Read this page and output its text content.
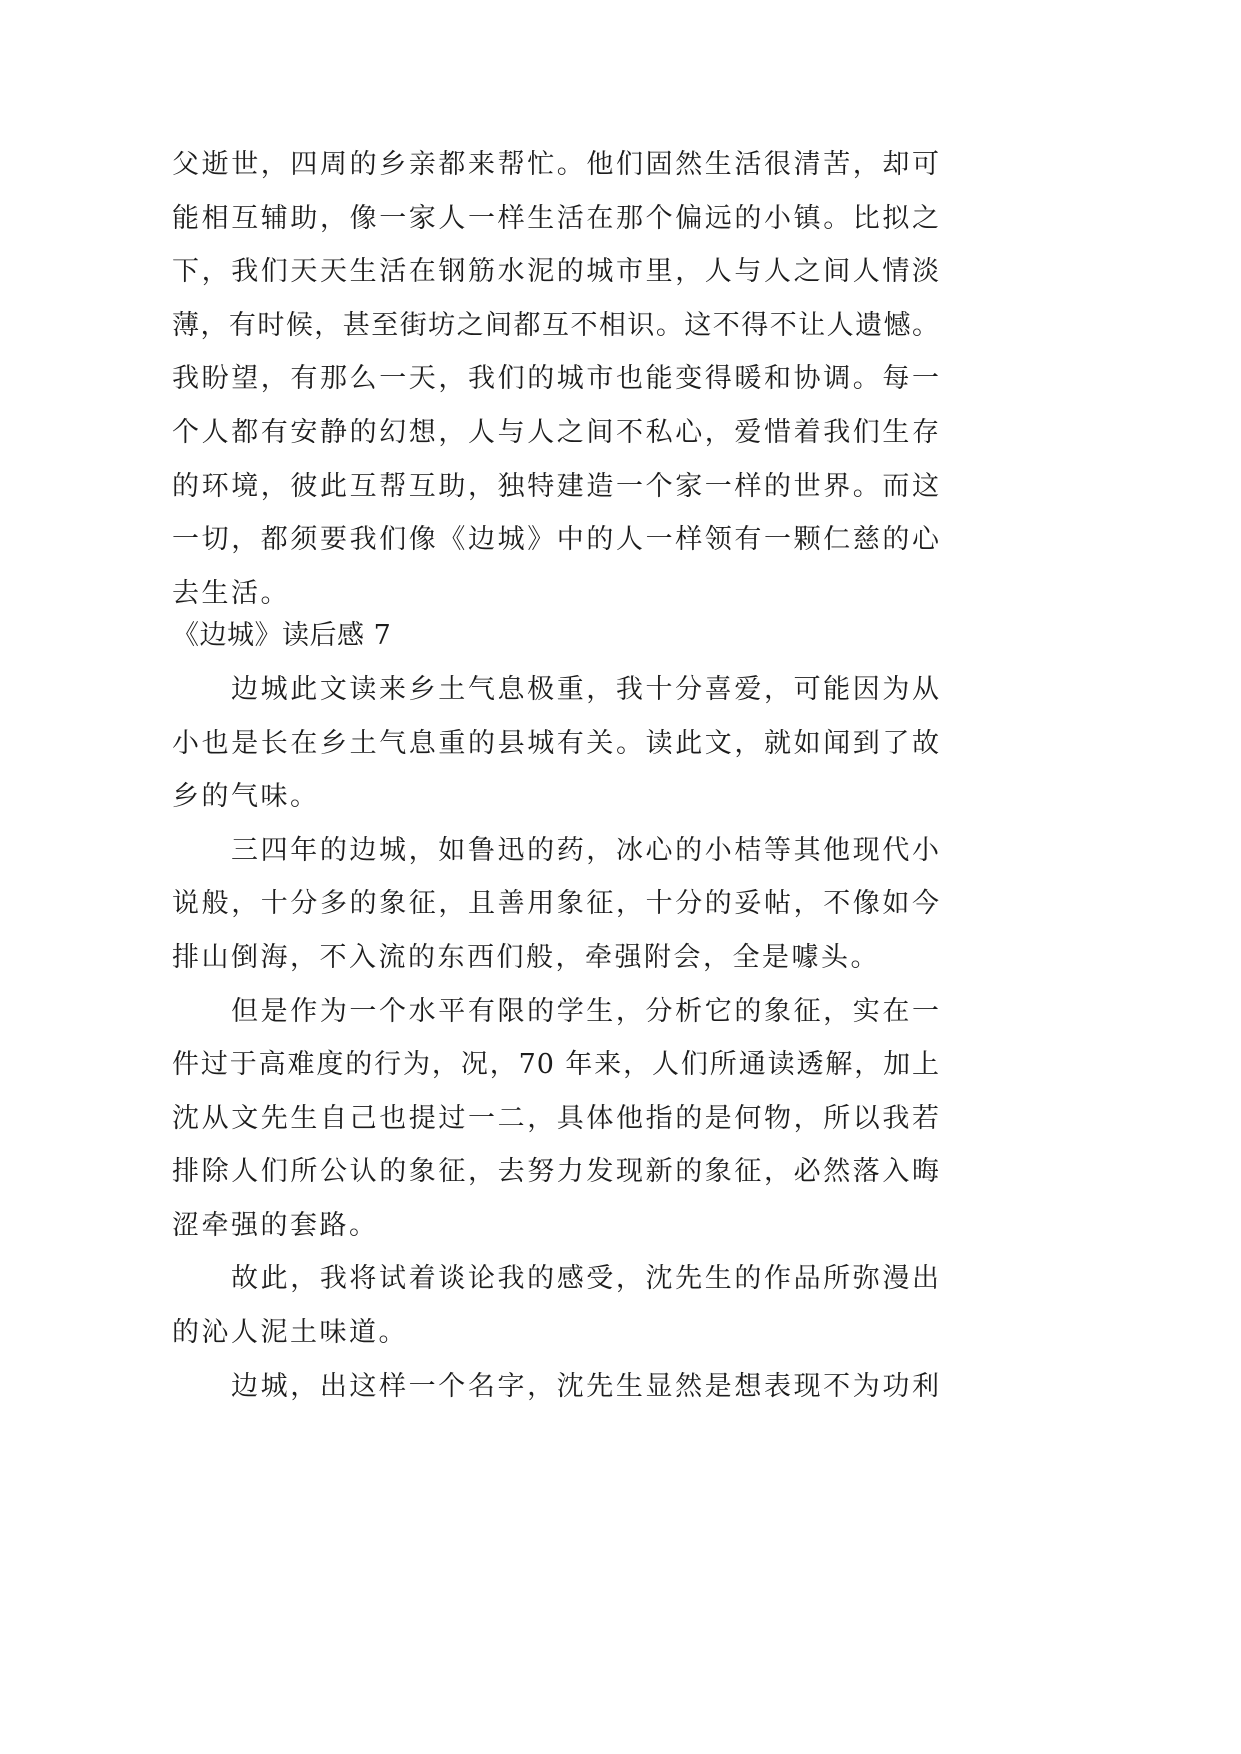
父逝世，四周的乡亲都来帮忙。他们固然生活很清苦，却可
能相互辅助，像一家人一样生活在那个偏远的小镇。比拟之
下，我们天天生活在钢筋水泥的城市里，人与人之间人情淡
薄，有时候，甚至街坊之间都互不相识。这不得不让人遗憾。
我盼望，有那么一天，我们的城市也能变得暖和协调。每一
个人都有安静的幻想，人与人之间不私心，爱惜着我们生存
的环境，彼此互帮互助，独特建造一个家一样的世界。而这
一切，都须要我们像《边城》中的人一样领有一颗仁慈的心
去生活。
《边城》读后感 7
边城此文读来乡土气息极重，我十分喜爱，可能因为从
小也是长在乡土气息重的县城有关。读此文，就如闻到了故
乡的气味。
三四年的边城，如鲁迅的药，冰心的小桔等其他现代小
说般，十分多的象征，且善用象征，十分的妥帖，不像如今
排山倒海，不入流的东西们般，牵强附会，全是噱头。
但是作为一个水平有限的学生，分析它的象征，实在一
件过于高难度的行为，况，70 年来，人们所通读透解，加上
沈从文先生自己也提过一二，具体他指的是何物，所以我若
排除人们所公认的象征，去努力发现新的象征，必然落入晦
涩牵强的套路。
故此，我将试着谈论我的感受，沈先生的作品所弥漫出
的沁人泥土味道。
边城，出这样一个名字，沈先生显然是想表现不为功利
